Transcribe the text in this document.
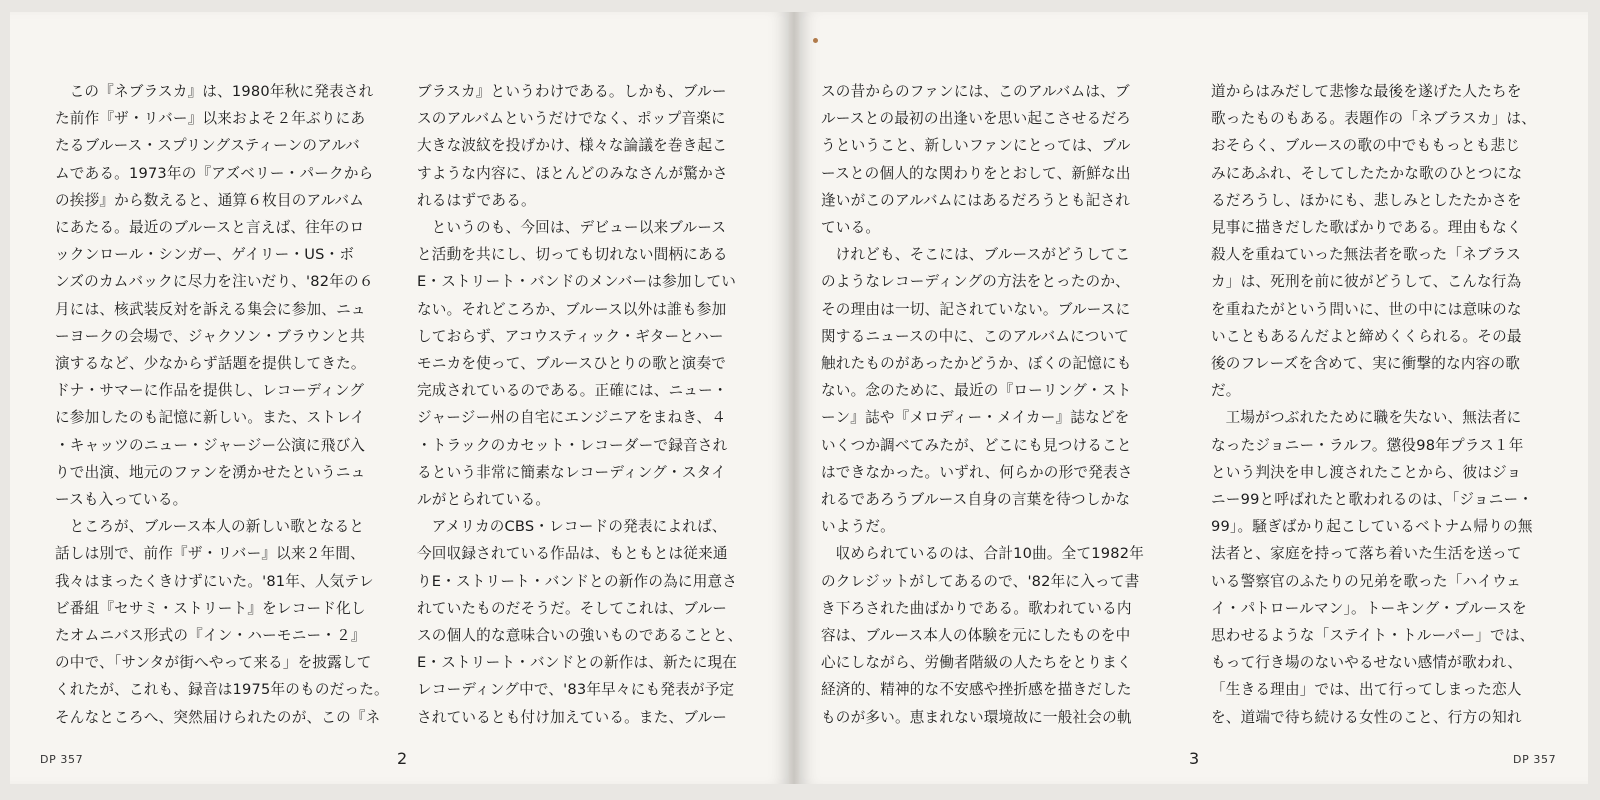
この『ネブラスカ』は、1980年秋に発表され

た前作『ザ・リバー』以来およそ２年ぶりにあ

たるブルース・スプリングスティーンのアルバ

ムである。1973年の『アズベリー・パークから

の挨拶』から数えると、通算６枚目のアルバム

にあたる。最近のブルースと言えば、往年のロ

ックンロール・シンガー、ゲイリー・US・ボ

ンズのカムバックに尽力を注いだり、'82年の６

月には、核武装反対を訴える集会に参加、ニュ

ーヨークの会場で、ジャクソン・ブラウンと共

演するなど、少なからず話題を提供してきた。

ドナ・サマーに作品を提供し、レコーディング

に参加したのも記憶に新しい。また、ストレイ

・キャッツのニュー・ジャージー公演に飛び入

りで出演、地元のファンを湧かせたというニュ

ースも入っている。

ところが、ブルース本人の新しい歌となると

話しは別で、前作『ザ・リバー』以来２年間、

我々はまったくきけずにいた。'81年、人気テレ

ビ番組『セサミ・ストリート』をレコード化し

たオムニバス形式の『イン・ハーモニー・２』

の中で、「サンタが街へやって来る」を披露して

くれたが、これも、録音は1975年のものだった。

そんなところへ、突然届けられたのが、この『ネ

ブラスカ』というわけである。しかも、ブルー

スのアルバムというだけでなく、ポップ音楽に

大きな波紋を投げかけ、様々な論議を巻き起こ

すような内容に、ほとんどのみなさんが驚かさ

れるはずである。

というのも、今回は、デビュー以来ブルース

と活動を共にし、切っても切れない間柄にある

E・ストリート・バンドのメンバーは参加してい

ない。それどころか、ブルース以外は誰も参加

しておらず、アコウスティック・ギターとハー

モニカを使って、ブルースひとりの歌と演奏で

完成されているのである。正確には、ニュー・

ジャージー州の自宅にエンジニアをまねき、４

・トラックのカセット・レコーダーで録音され

るという非常に簡素なレコーディング・スタイ

ルがとられている。

アメリカのCBS・レコードの発表によれば、

今回収録されている作品は、もともとは従来通

りE・ストリート・バンドとの新作の為に用意さ

れていたものだそうだ。そしてこれは、ブルー

スの個人的な意味合いの強いものであることと、

E・ストリート・バンドとの新作は、新たに現在

レコーディング中で、'83年早々にも発表が予定

されているとも付け加えている。また、ブルー

DP 357	2

スの昔からのファンには、このアルバムは、ブ

ルースとの最初の出逢いを思い起こさせるだろ

うということ、新しいファンにとっては、ブル

ースとの個人的な関わりをとおして、新鮮な出

逢いがこのアルバムにはあるだろうとも記され

ている。

けれども、そこには、ブルースがどうしてこ

のようなレコーディングの方法をとったのか、

その理由は一切、記されていない。ブルースに

関するニュースの中に、このアルバムについて

触れたものがあったかどうか、ぼくの記憶にも

ない。念のために、最近の『ローリング・スト

ーン』誌や『メロディー・メイカー』誌などを

いくつか調べてみたが、どこにも見つけること

はできなかった。いずれ、何らかの形で発表さ

れるであろうブルース自身の言葉を待つしかな

いようだ。

収められているのは、合計10曲。全て1982年

のクレジットがしてあるので、'82年に入って書

き下ろされた曲ばかりである。歌われている内

容は、ブルース本人の体験を元にしたものを中

心にしながら、労働者階級の人たちをとりまく

経済的、精神的な不安感や挫折感を描きだした

ものが多い。恵まれない環境故に一般社会の軌

道からはみだして悲惨な最後を遂げた人たちを

歌ったものもある。表題作の「ネブラスカ」は、

おそらく、ブルースの歌の中でももっとも悲じ

みにあふれ、そしてしたたかな歌のひとつにな

るだろうし、ほかにも、悲しみとしたたかさを

見事に描きだした歌ばかりである。理由もなく

殺人を重ねていった無法者を歌った「ネブラス

カ」は、死刑を前に彼がどうして、こんな行為

を重ねたがという問いに、世の中には意味のな

いこともあるんだよと締めくくられる。その最

後のフレーズを含めて、実に衝撃的な内容の歌

だ。

工場がつぶれたために職を失ない、無法者に

なったジョニー・ラルフ。懲役98年プラス１年

という判決を申し渡されたことから、彼はジョ

ニー99と呼ばれたと歌われるのは、「ジョニー・

99」。騒ぎばかり起こしているベトナム帰りの無

法者と、家庭を持って落ち着いた生活を送って

いる警察官のふたりの兄弟を歌った「ハイウェ

イ・パトロールマン」。トーキング・ブルースを

思わせるような「ステイト・トルーパー」では、

もって行き場のないやるせない感情が歌われ、

「生きる理由」では、出て行ってしまった恋人

を、道端で待ち続ける女性のこと、行方の知れ

3	DP 357
